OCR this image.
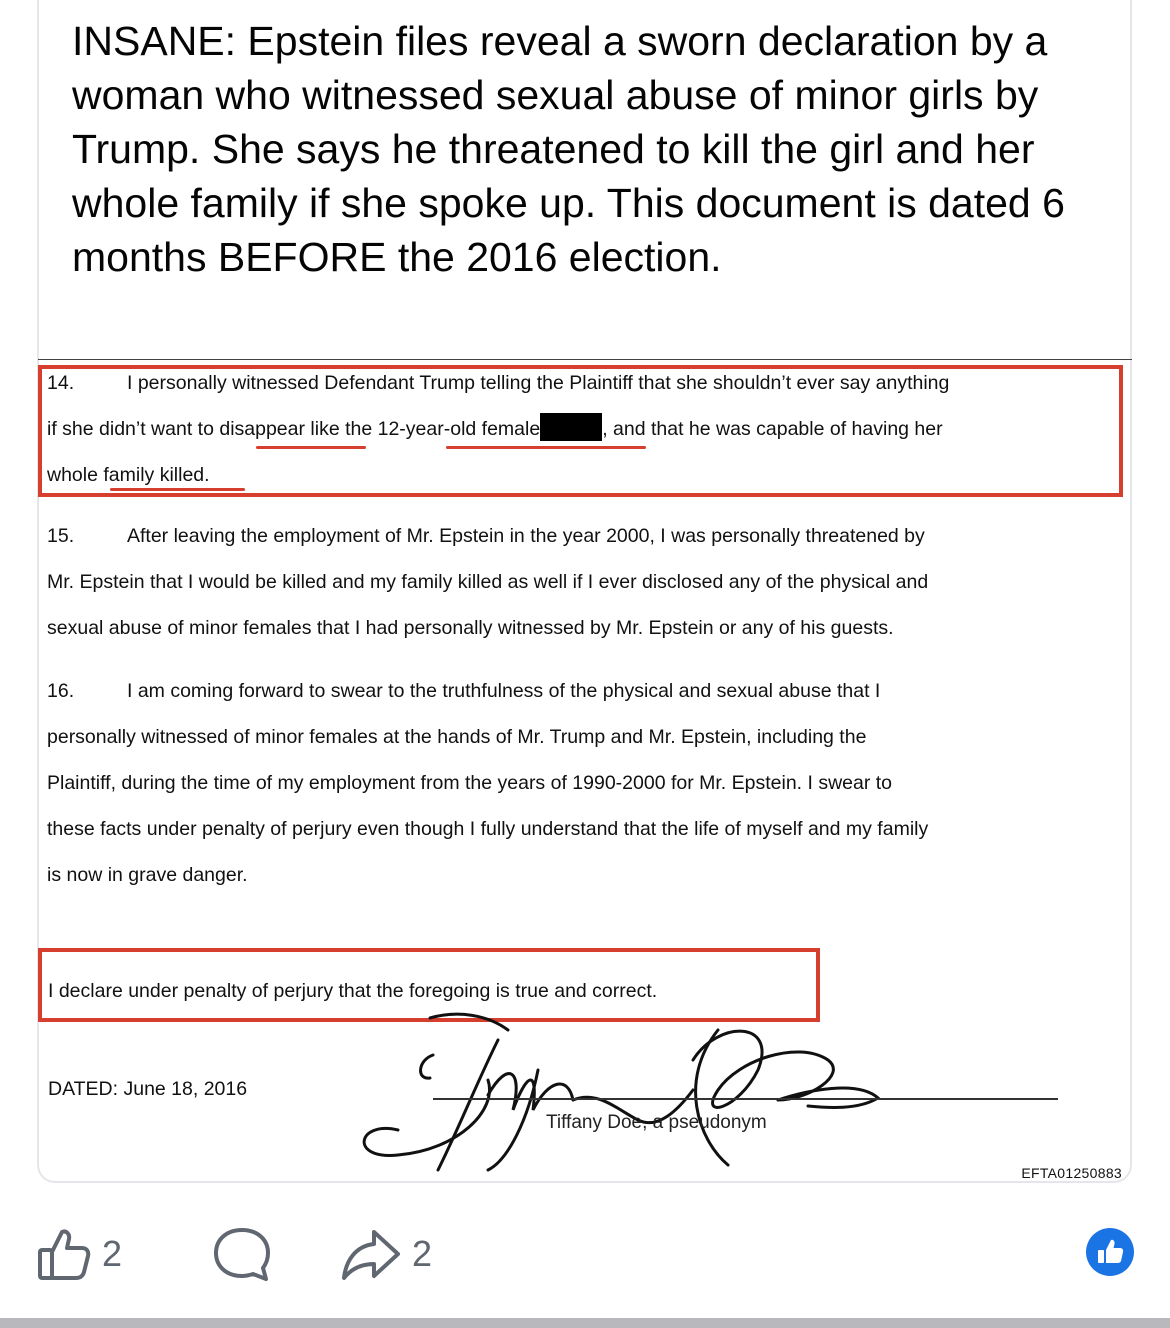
INSANE: Epstein files reveal a sworn declaration by a woman who witnessed sexual abuse of minor girls by Trump. She says he threatened to kill the girl and her whole family if she spoke up. This document is dated 6 months BEFORE the 2016 election.

14.	I personally witnessed Defendant Trump telling the Plaintiff that she shouldn’t ever say anything
if she didn’t want to disappear like the 12-year-old female	, and that he was capable of having her
whole family killed.
15.	After leaving the employment of Mr. Epstein in the year 2000, I was personally threatened by
Mr. Epstein that I would be killed and my family killed as well if I ever disclosed any of the physical and
sexual abuse of minor females that I had personally witnessed by Mr. Epstein or any of his guests.
16.	I am coming forward to swear to the truthfulness of the physical and sexual abuse that I
personally witnessed of minor females at the hands of Mr. Trump and Mr. Epstein, including the
Plaintiff, during the time of my employment from the years of 1990-2000 for Mr. Epstein. I swear to
these facts under penalty of perjury even though I fully understand that the life of myself and my family
is now in grave danger.
I declare under penalty of perjury that the foregoing is true and correct.
DATED: June 18, 2016
Tiffany Doe, a pseudonym
EFTA01250883
2	2
